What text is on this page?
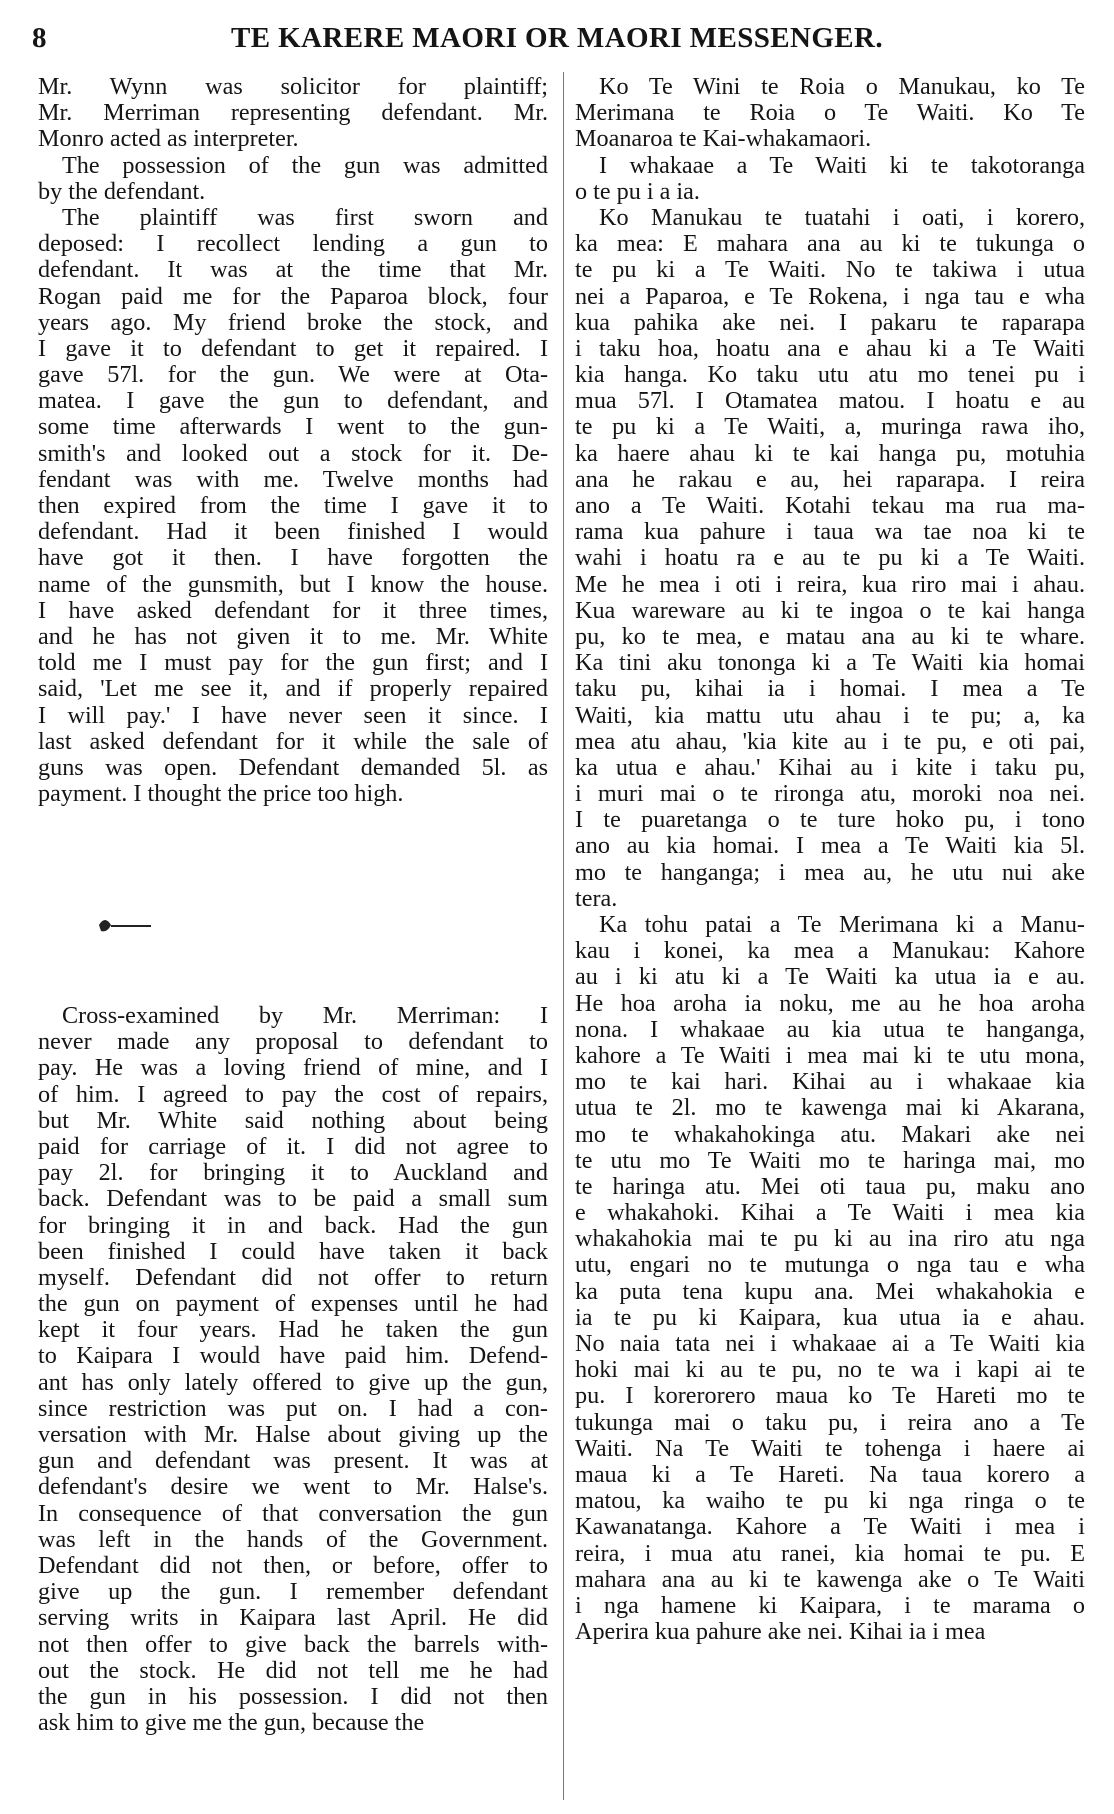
8	TE KARERE MAORI OR MAORI MESSENGER.
Mr. Wynn was solicitor for plaintiff;
Mr. Merriman representing defendant. Mr.
Monro acted as interpreter.
The possession of the gun was admitted
by the defendant.
The plaintiff was first sworn and
deposed: I recollect lending a gun to
defendant. It was at the time that Mr.
Rogan paid me for the Paparoa block, four
years ago. My friend broke the stock, and
I gave it to defendant to get it repaired. I
gave 57l. for the gun. We were at Ota-
matea. I gave the gun to defendant, and
some time afterwards I went to the gun-
smith's and looked out a stock for it. De-
fendant was with me. Twelve months had
then expired from the time I gave it to
defendant. Had it been finished I would
have got it then. I have forgotten the
name of the gunsmith, but I know the house.
I have asked defendant for it three times,
and he has not given it to me. Mr. White
told me I must pay for the gun first; and I
said, 'Let me see it, and if properly repaired
I will pay.' I have never seen it since. I
last asked defendant for it while the sale of
guns was open. Defendant demanded 5l. as
payment. I thought the price too high.
Cross-examined by Mr. Merriman: I
never made any proposal to defendant to
pay. He was a loving friend of mine, and I
of him. I agreed to pay the cost of repairs,
but Mr. White said nothing about being
paid for carriage of it. I did not agree to
pay 2l. for bringing it to Auckland and
back. Defendant was to be paid a small sum
for bringing it in and back. Had the gun
been finished I could have taken it back
myself. Defendant did not offer to return
the gun on payment of expenses until he had
kept it four years. Had he taken the gun
to Kaipara I would have paid him. Defend-
ant has only lately offered to give up the gun,
since restriction was put on. I had a con-
versation with Mr. Halse about giving up the
gun and defendant was present. It was at
defendant's desire we went to Mr. Halse's.
In consequence of that conversation the gun
was left in the hands of the Government.
Defendant did not then, or before, offer to
give up the gun. I remember defendant
serving writs in Kaipara last April. He did
not then offer to give back the barrels with-
out the stock. He did not tell me he had
the gun in his possession. I did not then
ask him to give me the gun, because the
Ko Te Wini te Roia o Manukau, ko Te
Merimana te Roia o Te Waiti. Ko Te
Moanaroa te Kai-whakamaori.
I whakaae a Te Waiti ki te takotoranga
o te pu i a ia.
Ko Manukau te tuatahi i oati, i korero,
ka mea: E mahara ana au ki te tukunga o
te pu ki a Te Waiti. No te takiwa i utua
nei a Paparoa, e Te Rokena, i nga tau e wha
kua pahika ake nei. I pakaru te raparapa
i taku hoa, hoatu ana e ahau ki a Te Waiti
kia hanga. Ko taku utu atu mo tenei pu i
mua 57l. I Otamatea matou. I hoatu e au
te pu ki a Te Waiti, a, muringa rawa iho,
ka haere ahau ki te kai hanga pu, motuhia
ana he rakau e au, hei raparapa. I reira
ano a Te Waiti. Kotahi tekau ma rua ma-
rama kua pahure i taua wa tae noa ki te
wahi i hoatu ra e au te pu ki a Te Waiti.
Me he mea i oti i reira, kua riro mai i ahau.
Kua wareware au ki te ingoa o te kai hanga
pu, ko te mea, e matau ana au ki te whare.
Ka tini aku tononga ki a Te Waiti kia homai
taku pu, kihai ia i homai. I mea a Te
Waiti, kia mattu utu ahau i te pu; a, ka
mea atu ahau, 'kia kite au i te pu, e oti pai,
ka utua e ahau.' Kihai au i kite i taku pu,
i muri mai o te rironga atu, moroki noa nei.
I te puaretanga o te ture hoko pu, i tono
ano au kia homai. I mea a Te Waiti kia 5l.
mo te hanganga; i mea au, he utu nui ake
tera.
Ka tohu patai a Te Merimana ki a Manu-
kau i konei, ka mea a Manukau: Kahore
au i ki atu ki a Te Waiti ka utua ia e au.
He hoa aroha ia noku, me au he hoa aroha
nona. I whakaae au kia utua te hanganga,
kahore a Te Waiti i mea mai ki te utu mona,
mo te kai hari. Kihai au i whakaae kia
utua te 2l. mo te kawenga mai ki Akarana,
mo te whakahokinga atu. Makari ake nei
te utu mo Te Waiti mo te haringa mai, mo
te haringa atu. Mei oti taua pu, maku ano
e whakahoki. Kihai a Te Waiti i mea kia
whakahokia mai te pu ki au ina riro atu nga
utu, engari no te mutunga o nga tau e wha
ka puta tena kupu ana. Mei whakahokia e
ia te pu ki Kaipara, kua utua ia e ahau.
No naia tata nei i whakaae ai a Te Waiti kia
hoki mai ki au te pu, no te wa i kapi ai te
pu. I korerorero maua ko Te Hareti mo te
tukunga mai o taku pu, i reira ano a Te
Waiti. Na Te Waiti te tohenga i haere ai
maua ki a Te Hareti. Na taua korero a
matou, ka waiho te pu ki nga ringa o te
Kawanatanga. Kahore a Te Waiti i mea i
reira, i mua atu ranei, kia homai te pu. E
mahara ana au ki te kawenga ake o Te Waiti
i nga hamene ki Kaipara, i te marama o
Aperira kua pahure ake nei. Kihai ia i mea
